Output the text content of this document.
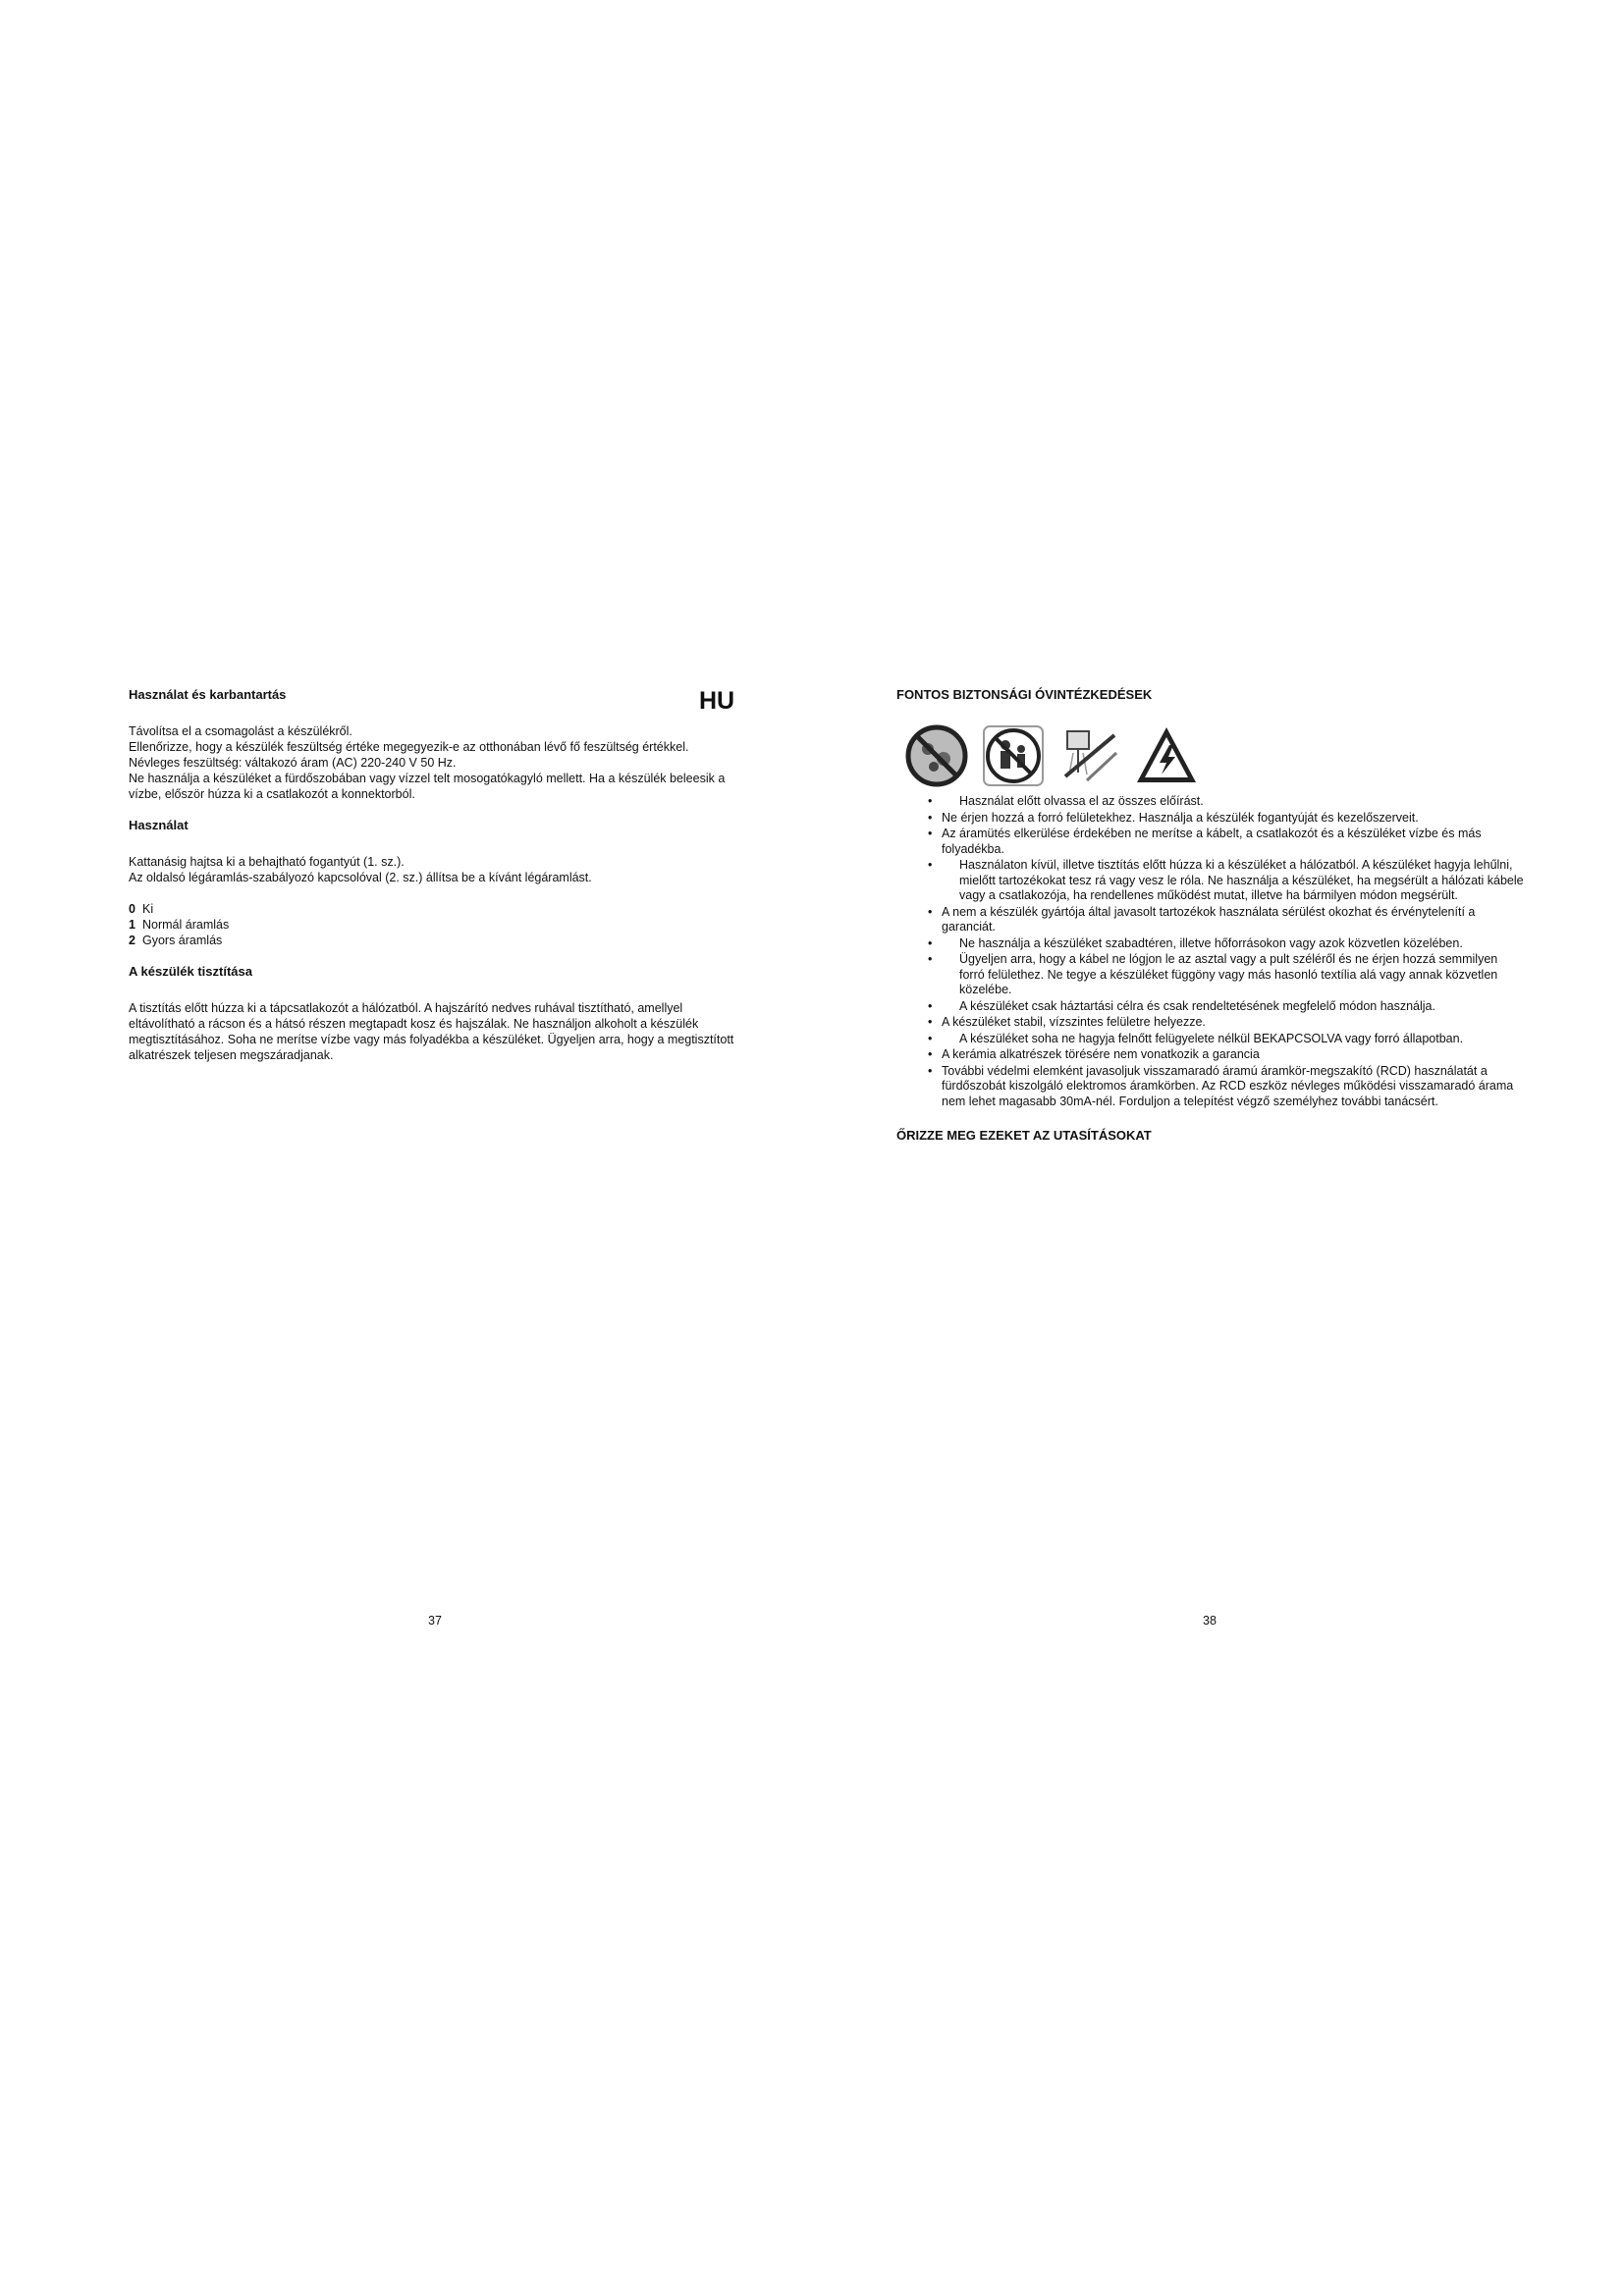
HU
Használat és karbantartás

Távolítsa el a csomagolást a készülékről.

Ellenőrizze, hogy a készülék feszültség értéke megegyezik-e az otthonában lévő fő feszültség értékkel.

Névleges feszültség: váltakozó áram (AC) 220-240 V 50 Hz.

Ne használja a készüléket a fürdőszobában vagy vízzel telt mosogatókagyló mellett. Ha a készülék beleesik a vízbe, először húzza ki a csatlakozót a konnektorból.

Használat

Kattanásig hajtsa ki a behajtható fogantyút (1. sz.).

Az oldalsó légáramlás-szabályozó kapcsolóval (2. sz.) állítsa be a kívánt légáramlást.

0 Ki
1 Normál áramlás
2 Gyors áramlás
A készülék tisztítása

A tisztítás előtt húzza ki a tápcsatlakozót a hálózatból. A hajszárító nedves ruhával tisztítható, amellyel eltávolítható a rácson és a hátsó részen megtapadt kosz és hajszálak. Ne használjon alkoholt a készülék megtisztításához. Soha ne merítse vízbe vagy más folyadékba a készüléket. Ügyeljen arra, hogy a megtisztított alkatrészek teljesen megszáradjanak.

FONTOS BIZTONSÁGI ÓVINTÉZKEDÉSEK
• Használat előtt olvassa el az összes előírást.
• Ne érjen hozzá a forró felületekhez. Használja a készülék fogantyúját és kezelőszerveit.
• Az áramütés elkerülése érdekében ne merítse a kábelt, a csatlakozót és a készüléket vízbe és más folyadékba.
• Használaton kívül, illetve tisztítás előtt húzza ki a készüléket a hálózatból. A készüléket hagyja lehűlni, mielőtt tartozékokat tesz rá vagy vesz le róla. Ne használja a készüléket, ha megsérült a hálózati kábele vagy a csatlakozója, ha rendellenes működést mutat, illetve ha bármilyen módon megsérült.
• A nem a készülék gyártója által javasolt tartozékok használata sérülést okozhat és érvénytelenítí a garanciát.
• Ne használja a készüléket szabadtéren, illetve hőforrásokon vagy azok közvetlen közelében.
• Ügyeljen arra, hogy a kábel ne lógjon le az asztal vagy a pult széléről és ne érjen hozzá semmilyen forró felülethez. Ne tegye a készüléket függöny vagy más hasonló textília alá vagy annak közvetlen közelébe.
• A készüléket csak háztartási célra és csak rendeltetésének megfelelő módon használja.
• A készüléket stabil, vízszintes felületre helyezze.
• A készüléket soha ne hagyja felnőtt felügyelete nélkül BEKAPCSOLVA vagy forró állapotban.
• A kerámia alkatrészek törésére nem vonatkozik a garancia
• További védelmi elemként javasoljuk visszamaradó áramú áramkör-megszakító (RCD) használatát a fürdőszobát kiszolgáló elektromos áramkörben. Az RCD eszköz névleges működési visszamaradó árama nem lehet magasabb 30mA-nél. Forduljon a telepítést végző személyhez további tanácsért.
ŐRIZZE MEG EZEKET AZ UTASÍTÁSOKAT
37	38
